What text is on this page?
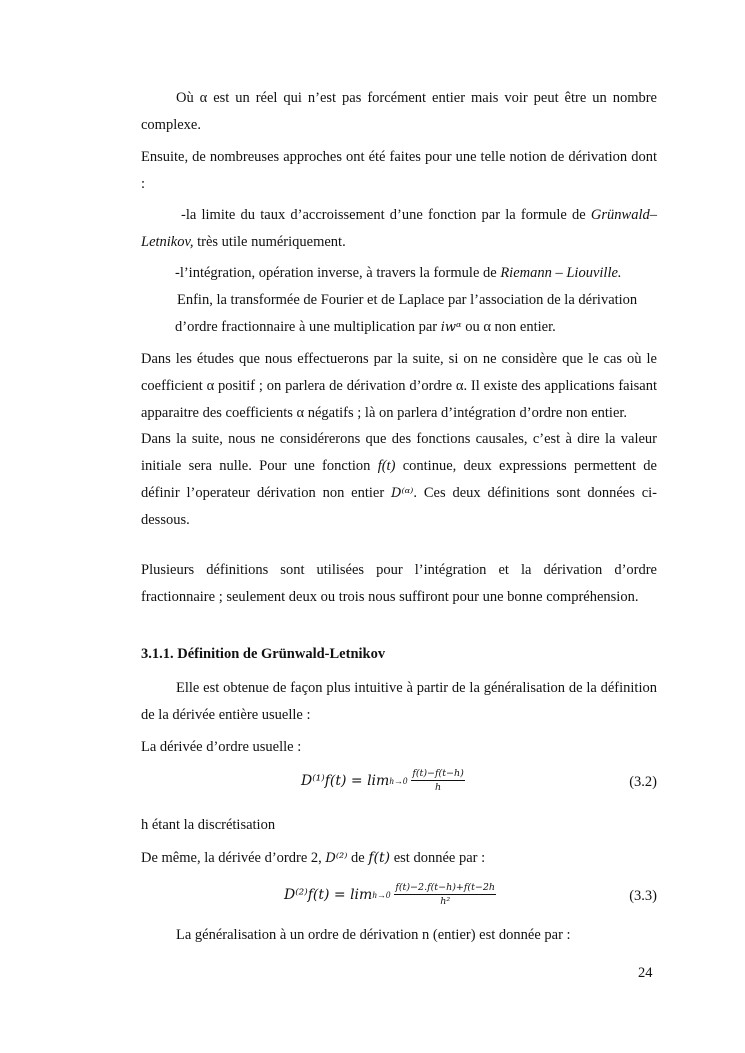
Où α est un réel qui n’est pas forcément entier mais voir peut être un nombre complexe.
Ensuite, de nombreuses approches ont été faites pour une telle notion de dérivation dont :
-la limite du taux d’accroissement d’une fonction par la formule de Grünwald–Letnikov, très utile numériquement.
-l’intégration, opération inverse, à travers la formule de Riemann – Liouville.
Enfin, la transformée de Fourier et de Laplace par l’association de la dérivation
d’ordre fractionnaire à une multiplication par iwᵅ ou α non entier.
Dans les études que nous effectuerons par la suite, si on ne considère que le cas où le coefficient α positif ; on parlera de dérivation d’ordre α. Il existe des applications faisant apparaitre des coefficients α négatifs ; là on parlera d’intégration d’ordre non entier.
Dans la suite, nous ne considérerons que des fonctions causales, c’est à dire la valeur initiale sera nulle. Pour une fonction f(t) continue, deux expressions permettent de définir l’operateur dérivation non entier D⁽ᵅ⁾. Ces deux définitions sont données ci-dessous.
Plusieurs définitions sont utilisées pour l’intégration et la dérivation d’ordre fractionnaire ; seulement deux ou trois nous suffiront pour une bonne compréhension.
3.1.1. Définition de Grünwald-Letnikov
Elle est obtenue de façon plus intuitive à partir de la généralisation de la définition de la dérivée entière usuelle :
La dérivée d’ordre usuelle :
$D^{(1)}f(t) = \lim h\to 0 \frac{f(t)-f(t-h)}{h}$	(3.2)
h étant la discrétisation
De même, la dérivée d’ordre 2, D⁽²⁾ de f(t) est donnée par :
$D^{(2)}f(t) = \lim h\to 0 \frac{f(t)-2.f(t-h)+f(t-2h}{\text{h²}}$	(3.3)
La généralisation à un ordre de dérivation n (entier) est donnée par :
24
